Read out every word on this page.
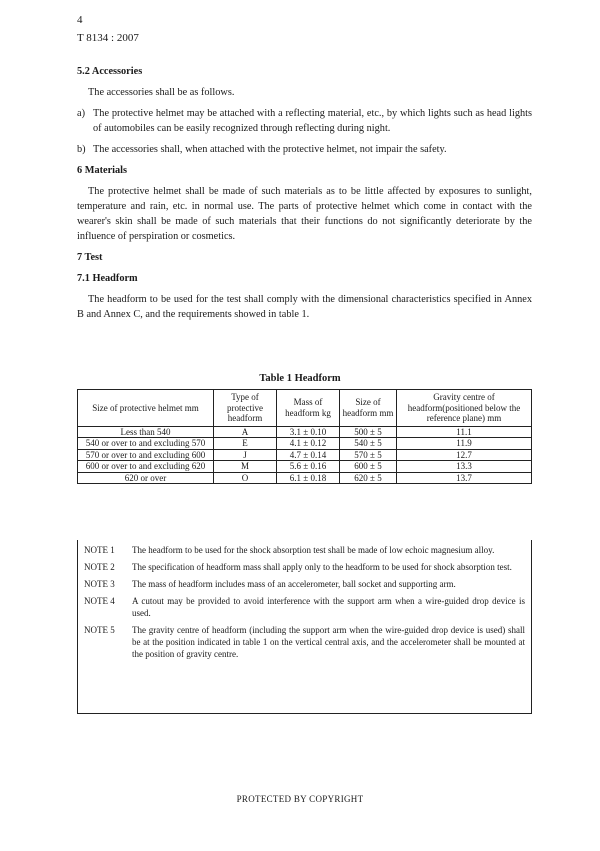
4
T 8134 : 2007

5.2 Accessories

The accessories shall be as follows.

a) The protective helmet may be attached with a reflecting material, etc., by which lights such as head lights of automobiles can be easily recognized through reflecting during night.
b) The accessories shall, when attached with the protective helmet, not impair the safety.

6 Materials

The protective helmet shall be made of such materials as to be little affected by exposures to sunlight, temperature and rain, etc. in normal use. The parts of protective helmet which come in contact with the wearer's skin shall be made of such materials that their functions do not significantly deteriorate by the influence of perspiration or cosmetics.

7 Test

7.1 Headform

The headform to be used for the test shall comply with the dimensional characteristics specified in Annex B and Annex C, and the requirements showed in table 1.

Table 1 Headform
Size of protective helmet mm	Type of protective headform	Mass of headform kg	Size of headform mm	Gravity centre of headform(positioned below the reference plane) mm
Less than 540	A	3.1 ± 0.10	500 ± 5	11.1
540 or over to and excluding 570	E	4.1 ± 0.12	540 ± 5	11.9
570 or over to and excluding 600	J	4.7 ± 0.14	570 ± 5	12.7
600 or over to and excluding 620	M	5.6 ± 0.16	600 ± 5	13.3
620 or over	O	6.1 ± 0.18	620 ± 5	13.7
NOTE 1	The headform to be used for the shock absorption test shall be made of low echoic magnesium alloy.
NOTE 2	The specification of headform mass shall apply only to the headform to be used for shock absorption test.
NOTE 3	The mass of headform includes mass of an accelerometer, ball socket and supporting arm.
NOTE 4	A cutout may be provided to avoid interference with the support arm when a wire-guided drop device is used.
NOTE 5	The gravity centre of headform (including the support arm when the wire-guided drop device is used) shall be at the position indicated in table 1 on the vertical central axis, and the accelerometer shall be mounted at the position of gravity centre.
PROTECTED BY COPYRIGHT
